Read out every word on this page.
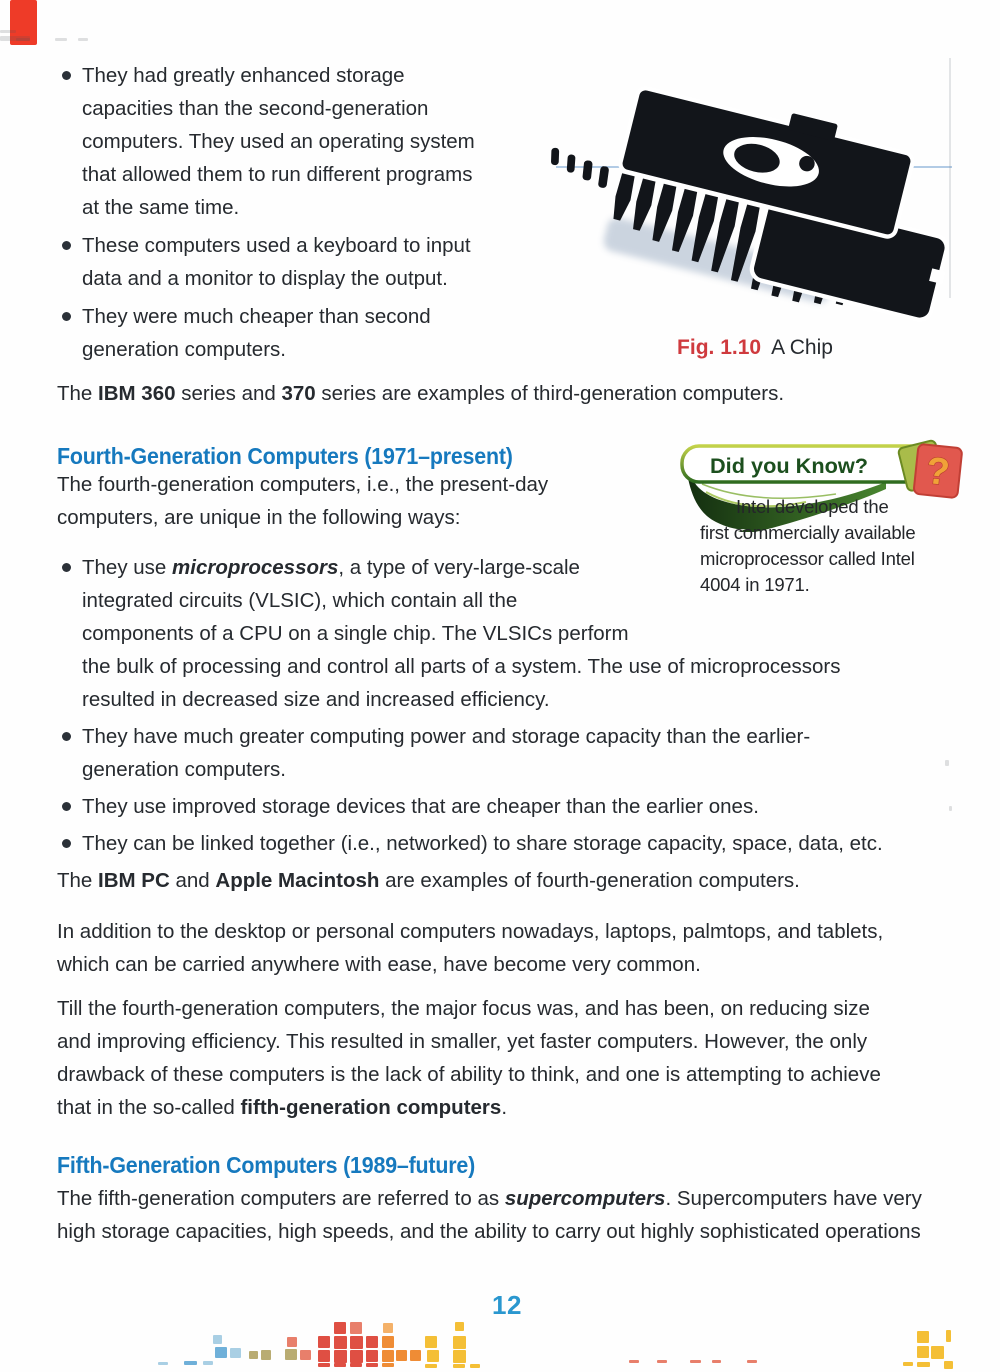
They had greatly enhanced storage
capacities than the second-generation
computers. They used an operating system
that allowed them to run different programs
at the same time.
These computers used a keyboard to input
data and a monitor to display the output.
They were much cheaper than second
generation computers.	Fig. 1.10 A Chip
The IBM 360 series and 370 series are examples of third-generation computers.
Fourth-Generation Computers (1971–present)	?
Did you Know?
Intel developed the
first commercially available
microprocessor called Intel
4004 in 1971.
The fourth-generation computers, i.e., the present-day
computers, are unique in the following ways:
They use microprocessors, a type of very-large-scale
integrated circuits (VLSIC), which contain all the
components of a CPU on a single chip. The VLSICs perform
the bulk of processing and control all parts of a system. The use of microprocessors
resulted in decreased size and increased efficiency.
They have much greater computing power and storage capacity than the earlier-
generation computers.
They use improved storage devices that are cheaper than the earlier ones.
They can be linked together (i.e., networked) to share storage capacity, space, data, etc.
The IBM PC and Apple Macintosh are examples of fourth-generation computers.
In addition to the desktop or personal computers nowadays, laptops, palmtops, and tablets,
which can be carried anywhere with ease, have become very common.
Till the fourth-generation computers, the major focus was, and has been, on reducing size
and improving efficiency. This resulted in smaller, yet faster computers. However, the only
drawback of these computers is the lack of ability to think, and one is attempting to achieve
that in the so-called fifth-generation computers.
Fifth-Generation Computers (1989–future)
The fifth-generation computers are referred to as supercomputers. Supercomputers have very
high storage capacities, high speeds, and the ability to carry out highly sophisticated operations
12
